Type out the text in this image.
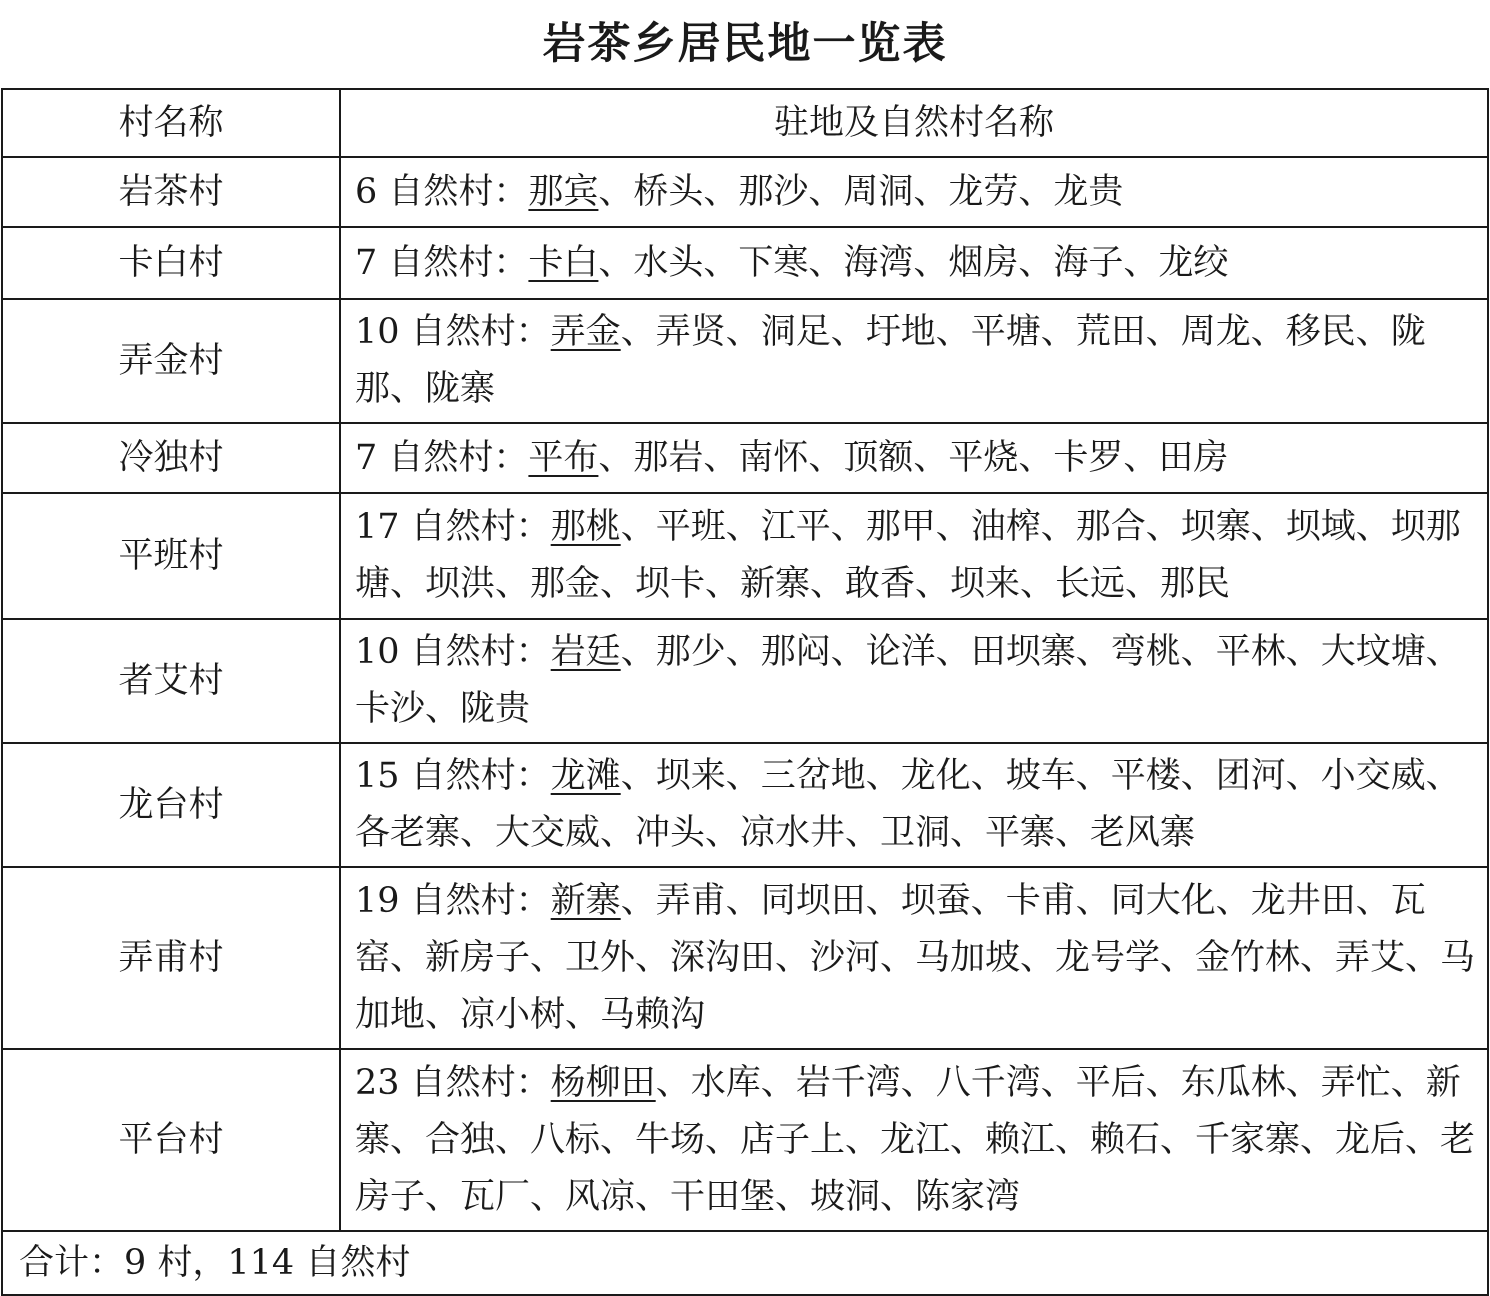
岩茶乡居民地一览表
村名称	驻地及自然村名称
岩茶村	6 自然村：那宾、桥头、那沙、周洞、龙劳、龙贵
卡白村	7 自然村：卡白、水头、下寒、海湾、烟房、海子、龙绞
弄金村	10 自然村：弄金、弄贤、洞足、圩地、平塘、荒田、周龙、移民、陇那、陇寨
冷独村	7 自然村：平布、那岩、南怀、顶额、平烧、卡罗、田房
平班村	17 自然村：那桃、平班、江平、那甲、油榨、那合、坝寨、坝域、坝那塘、坝洪、那金、坝卡、新寨、敢香、坝来、长远、那民
者艾村	10 自然村：岩廷、那少、那闷、论洋、田坝寨、弯桃、平林、大坟塘、卡沙、陇贵
龙台村	15 自然村：龙滩、坝来、三岔地、龙化、坡车、平楼、团河、小交威、各老寨、大交威、冲头、凉水井、卫洞、平寨、老风寨
弄甫村	19 自然村：新寨、弄甫、同坝田、坝蚕、卡甫、同大化、龙井田、瓦窑、新房子、卫外、深沟田、沙河、马加坡、龙号学、金竹林、弄艾、马加地、凉小树、马赖沟
平台村	23 自然村：杨柳田、水库、岩千湾、八千湾、平后、东瓜林、弄忙、新寨、合独、八标、牛场、店子上、龙江、赖江、赖石、千家寨、龙后、老房子、瓦厂、风凉、干田堡、坡洞、陈家湾
合计：9 村，114 自然村	
